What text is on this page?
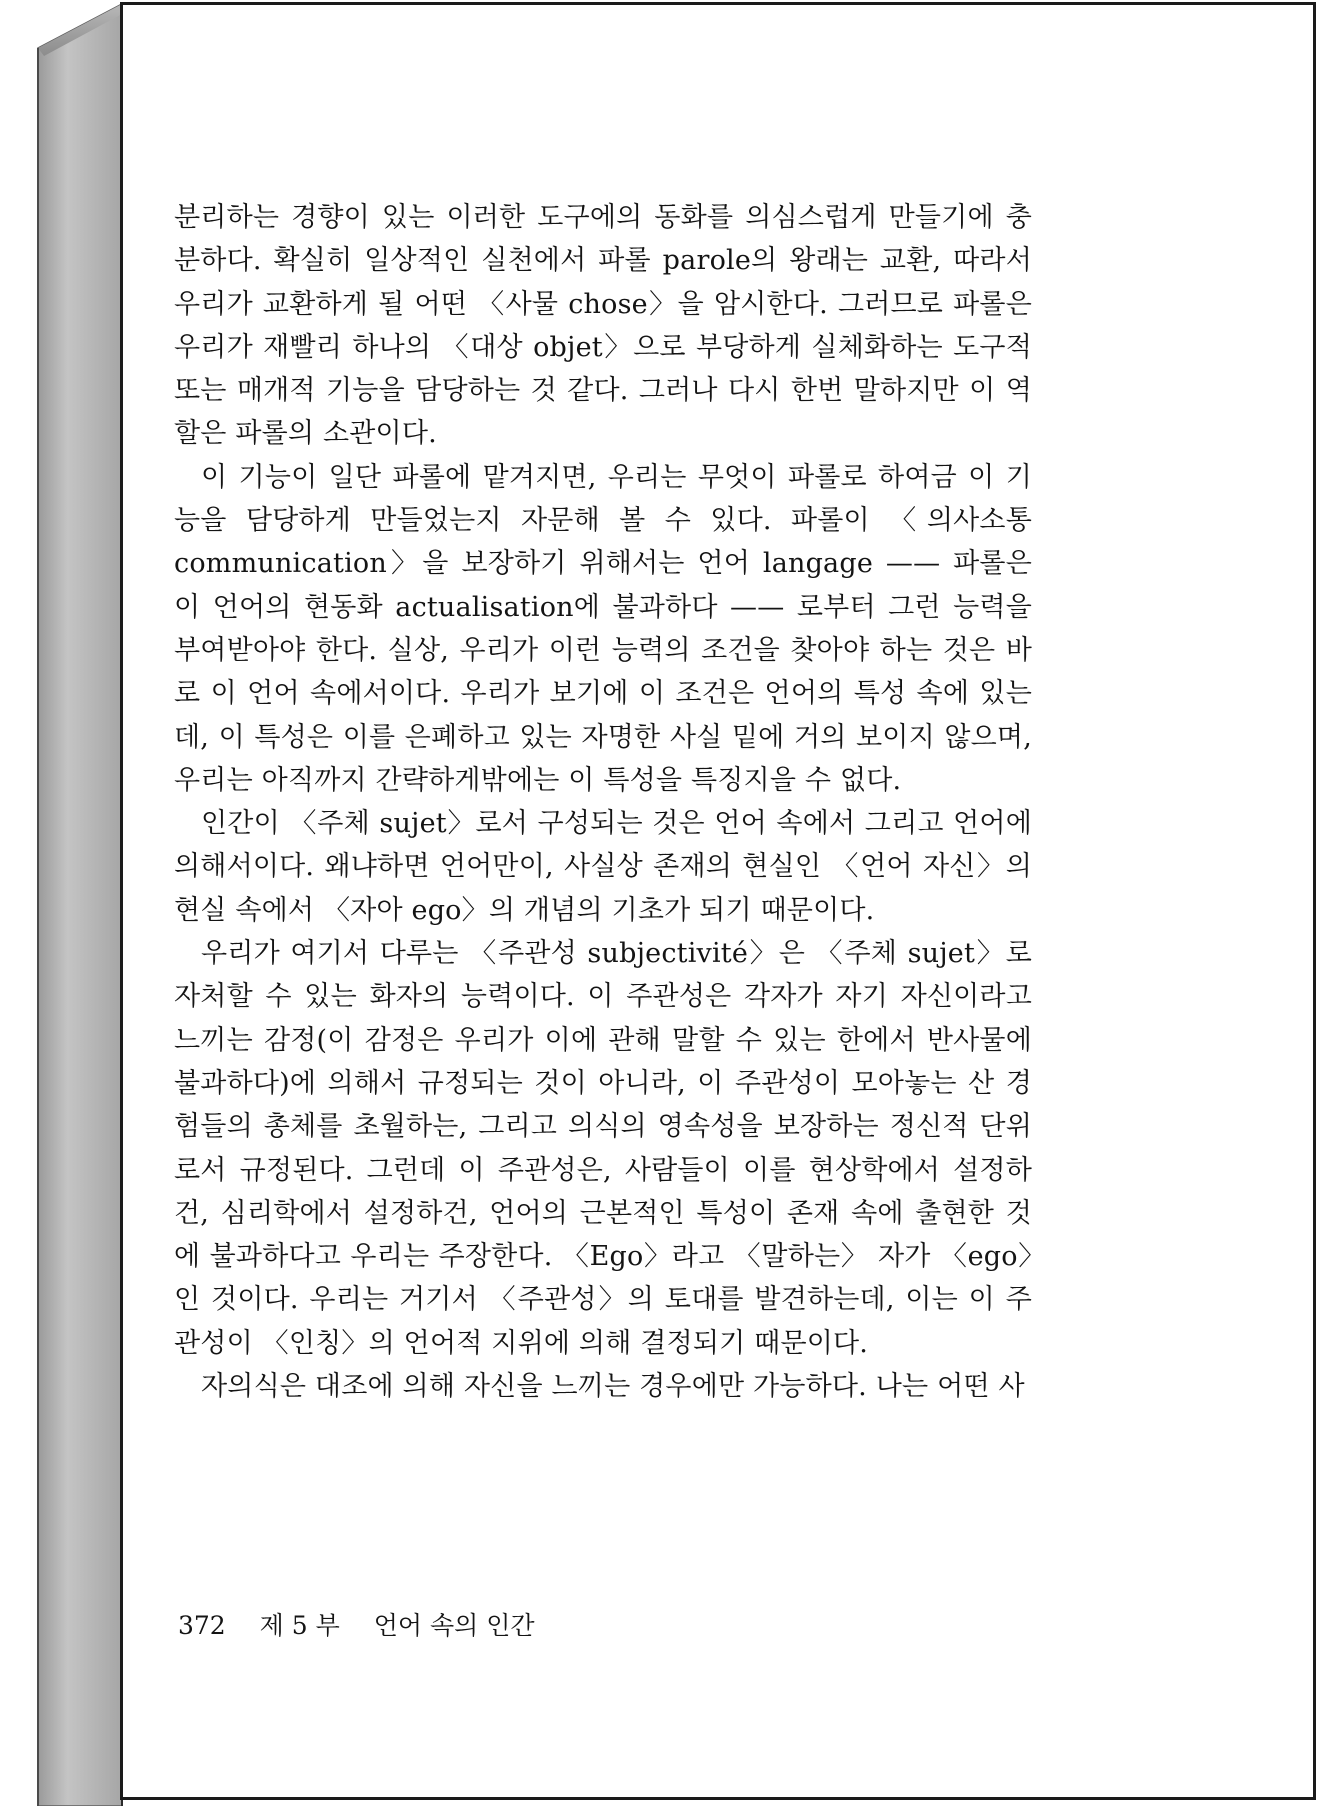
분리하는 경향이 있는 이러한 도구에의 동화를 의심스럽게 만들기에 충분하다. 확실히 일상적인 실천에서 파롤 parole의 왕래는 교환, 따라서 우리가 교환하게 될 어떤 〈사물 chose〉을 암시한다. 그러므로 파롤은 우리가 재빨리 하나의 〈대상 objet〉으로 부당하게 실체화하는 도구적 또는 매개적 기능을 담당하는 것 같다. 그러나 다시 한번 말하지만 이 역할은 파롤의 소관이다.

이 기능이 일단 파롤에 맡겨지면, 우리는 무엇이 파롤로 하여금 이 기능을 담당하게 만들었는지 자문해 볼 수 있다. 파롤이 〈의사소통 communication〉을 보장하기 위해서는 언어 langage —— 파롤은 이 언어의 현동화 actualisation에 불과하다 —— 로부터 그런 능력을 부여받아야 한다. 실상, 우리가 이런 능력의 조건을 찾아야 하는 것은 바로 이 언어 속에서이다. 우리가 보기에 이 조건은 언어의 특성 속에 있는데, 이 특성은 이를 은폐하고 있는 자명한 사실 밑에 거의 보이지 않으며, 우리는 아직까지 간략하게밖에는 이 특성을 특징지을 수 없다.

인간이 〈주체 sujet〉로서 구성되는 것은 언어 속에서 그리고 언어에 의해서이다. 왜냐하면 언어만이, 사실상 존재의 현실인 〈언어 자신〉의 현실 속에서 〈자아 ego〉의 개념의 기초가 되기 때문이다.

우리가 여기서 다루는 〈주관성 subjectivité〉은 〈주체 sujet〉로 자처할 수 있는 화자의 능력이다. 이 주관성은 각자가 자기 자신이라고 느끼는 감정(이 감정은 우리가 이에 관해 말할 수 있는 한에서 반사물에 불과하다)에 의해서 규정되는 것이 아니라, 이 주관성이 모아놓는 산 경험들의 총체를 초월하는, 그리고 의식의 영속성을 보장하는 정신적 단위로서 규정된다. 그런데 이 주관성은, 사람들이 이를 현상학에서 설정하건, 심리학에서 설정하건, 언어의 근본적인 특성이 존재 속에 출현한 것에 불과하다고 우리는 주장한다. 〈Ego〉라고 〈말하는〉 자가 〈ego〉인 것이다. 우리는 거기서 〈주관성〉의 토대를 발견하는데, 이는 이 주관성이 〈인칭〉의 언어적 지위에 의해 결정되기 때문이다.

자의식은 대조에 의해 자신을 느끼는 경우에만 가능하다. 나는 어떤 사

372 제 5 부 언어 속의 인간
